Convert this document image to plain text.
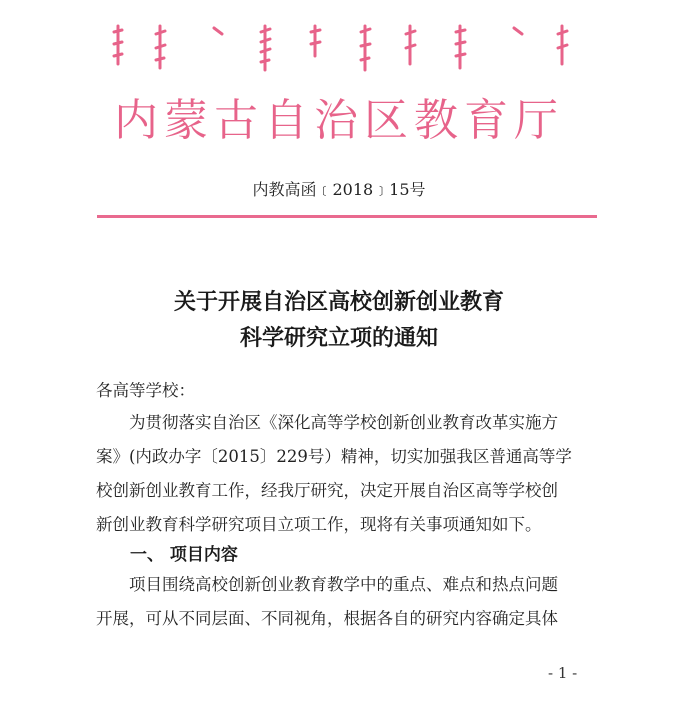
内蒙古自治区教育厅
内教高函﹝2018﹞15号
关于开展自治区高校创新创业教育
科学研究立项的通知
各高等学校：
　　为贯彻落实自治区《深化高等学校创新创业教育改革实施方
案》(内政办字〔2015〕229号）精神，切实加强我区普通高等学
校创新创业教育工作，经我厅研究，决定开展自治区高等学校创
新创业教育科学研究项目立项工作，现将有关事项通知如下。
　　一、 项目内容
　　项目围绕高校创新创业教育教学中的重点、难点和热点问题
开展，可从不同层面、不同视角，根据各自的研究内容确定具体
- 1 -
